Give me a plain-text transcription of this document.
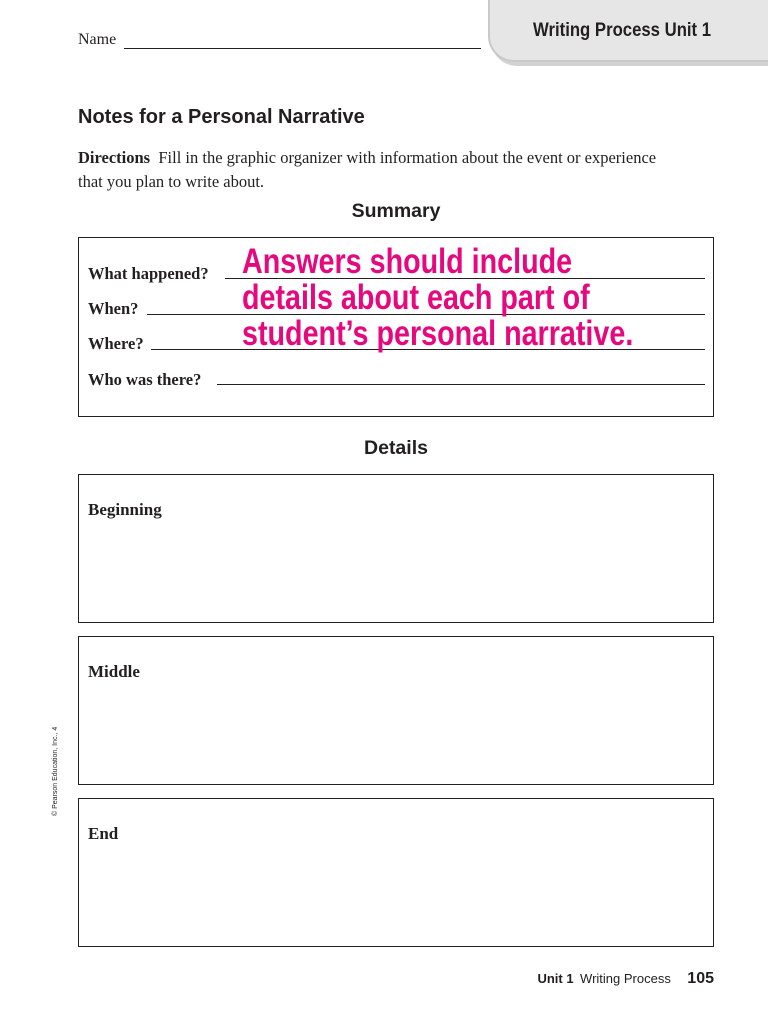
Writing Process Unit 1
Name
Notes for a Personal Narrative
Directions Fill in the graphic organizer with information about the event or experience that you plan to write about.
Summary
What happened?
When?
Where?
Who was there?
Answers should include
details about each part of
student’s personal narrative.
Details
Beginning
Middle
End
© Pearson Education, Inc., 4
Unit 1 Writing Process 105
